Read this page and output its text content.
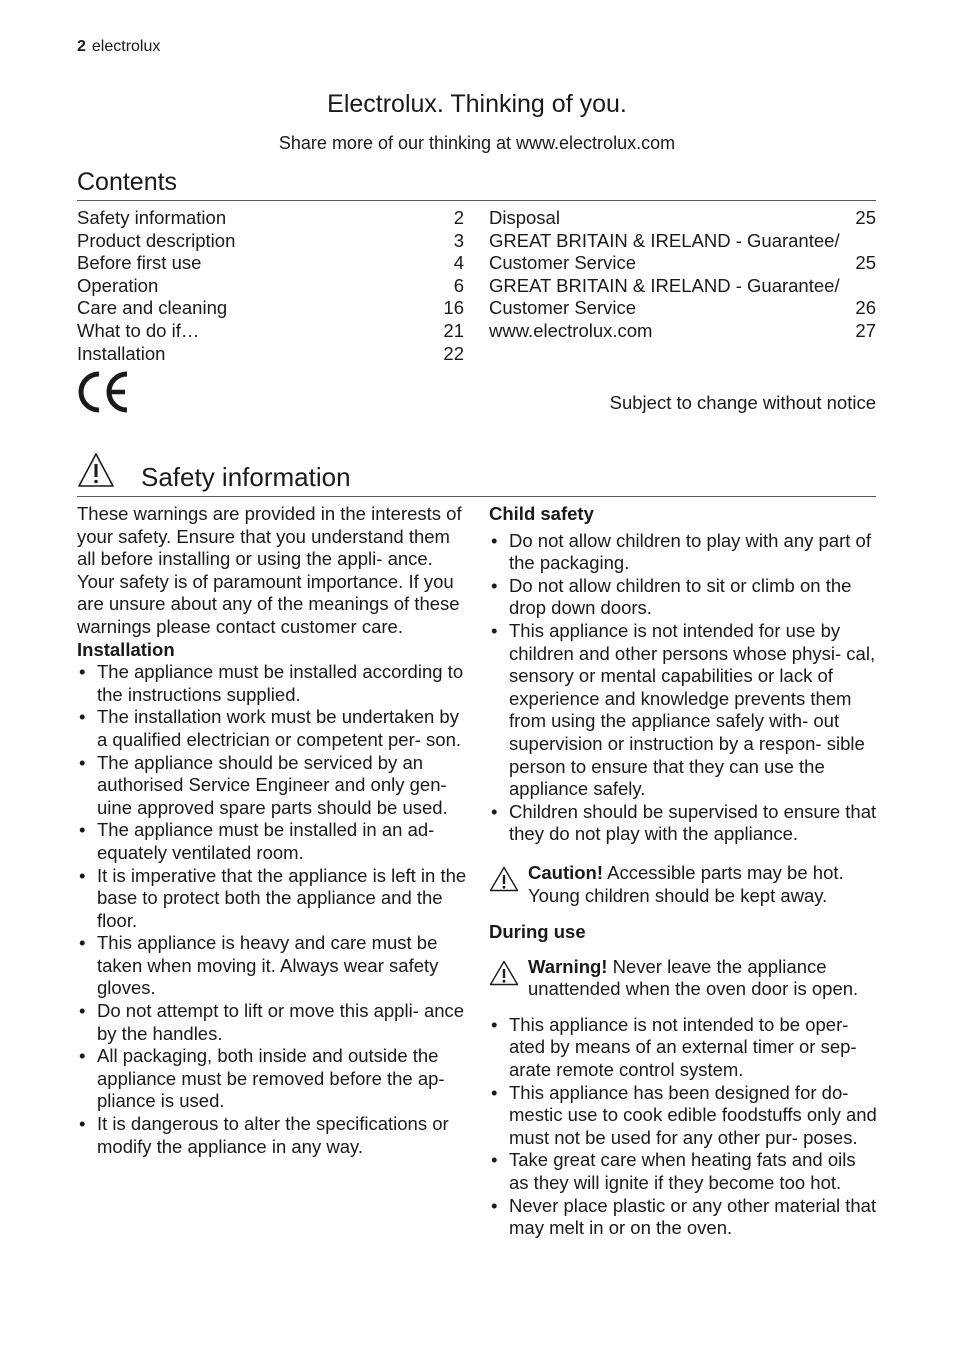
2 electrolux
Electrolux. Thinking of you.
Share more of our thinking at www.electrolux.com
Contents
Safety information	2
Product description	3
Before first use	4
Operation	6
Care and cleaning	16
What to do if…	21
Installation	22
Disposal	25
GREAT BRITAIN & IRELAND - Guarantee/
Customer Service	25
GREAT BRITAIN & IRELAND - Guarantee/
Customer Service	26
www.electrolux.com	27
Subject to change without notice
Safety information

These warnings are provided in the interests of your safety. Ensure that you understand them all before installing or using the appli- ance.

Your safety is of paramount importance. If you are unsure about any of the meanings of these warnings please contact customer care.

Installation

• The appliance must be installed according to the instructions supplied.
• The installation work must be undertaken by a qualified electrician or competent per- son.
• The appliance should be serviced by an authorised Service Engineer and only gen- uine approved spare parts should be used.
• The appliance must be installed in an ad- equately ventilated room.
• It is imperative that the appliance is left in the base to protect both the appliance and the floor.
• This appliance is heavy and care must be taken when moving it. Always wear safety gloves.
• Do not attempt to lift or move this appli- ance by the handles.
• All packaging, both inside and outside the appliance must be removed before the ap- pliance is used.
• It is dangerous to alter the specifications or modify the appliance in any way.

Child safety

• Do not allow children to play with any part of the packaging.
• Do not allow children to sit or climb on the drop down doors.
• This appliance is not intended for use by children and other persons whose physi- cal, sensory or mental capabilities or lack of experience and knowledge prevents them from using the appliance safely with- out supervision or instruction by a respon- sible person to ensure that they can use the appliance safely.
• Children should be supervised to ensure that they do not play with the appliance.
Caution! Accessible parts may be hot. Young children should be kept away.

During use

Warning! Never leave the appliance unattended when the oven door is open.
• This appliance is not intended to be oper- ated by means of an external timer or sep- arate remote control system.
• This appliance has been designed for do- mestic use to cook edible foodstuffs only and must not be used for any other pur- poses.
• Take great care when heating fats and oils as they will ignite if they become too hot.
• Never place plastic or any other material that may melt in or on the oven.
